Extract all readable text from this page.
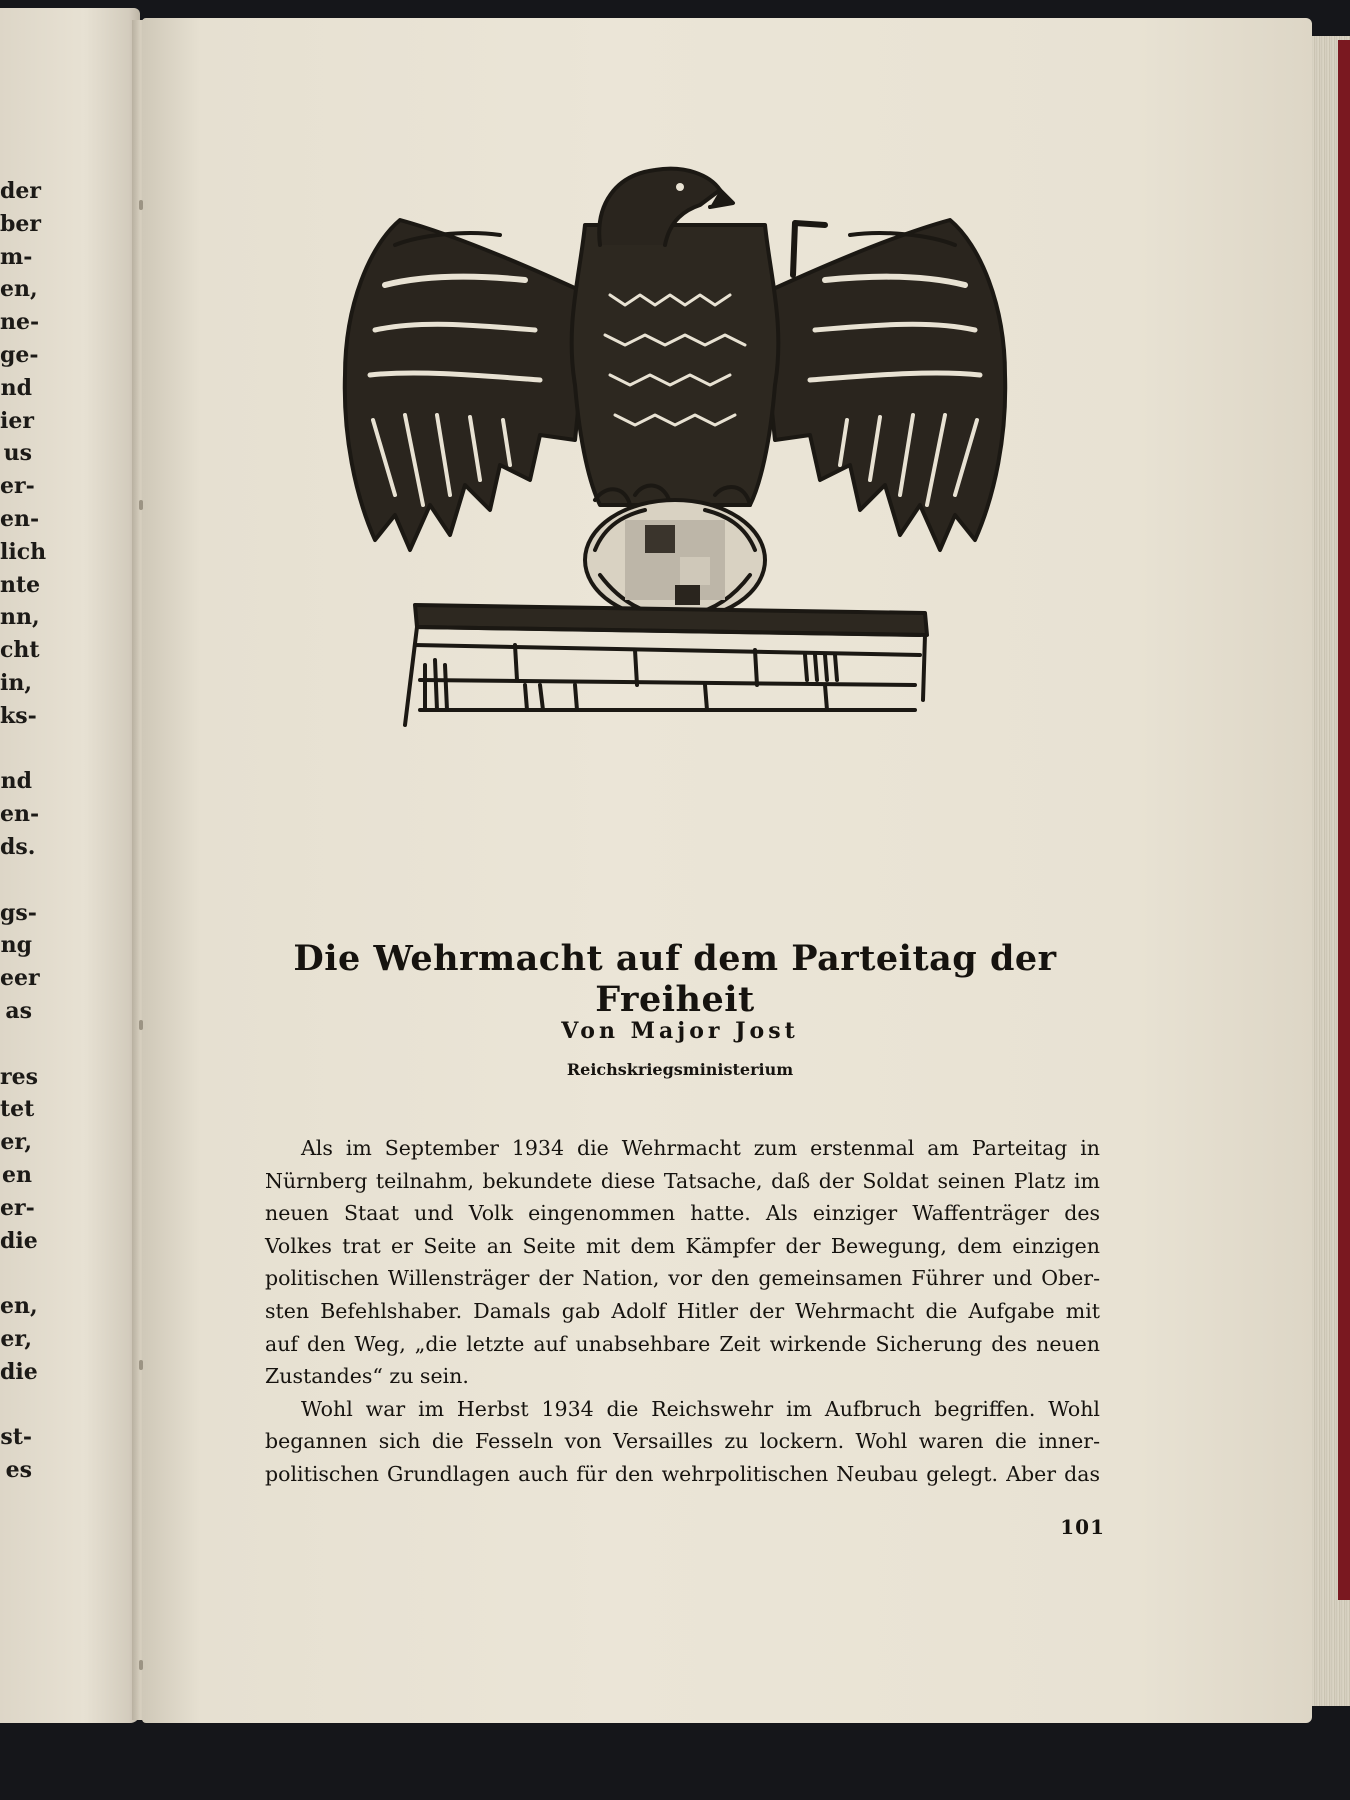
der
ber
m-
en,
ne-
ge-
nd
ier
us
er-
en-
lich
nte
nn,
cht
in,
ks-
nd
en-
ds.
gs-
ng
eer
as
res
tet
er,
en
er-
die
en,
er,
die
st-
es
Die Wehrmacht auf dem Parteitag der Freiheit
Von Major Jost
Reichskriegsministerium
Als im September 1934 die Wehrmacht zum erstenmal am Parteitag in
Nürnberg teilnahm, bekundete diese Tatsache, daß der Soldat seinen Platz im
neuen Staat und Volk eingenommen hatte. Als einziger Waffenträger des
Volkes trat er Seite an Seite mit dem Kämpfer der Bewegung, dem einzigen
politischen Willensträger der Nation, vor den gemeinsamen Führer und Ober-
sten Befehlshaber. Damals gab Adolf Hitler der Wehrmacht die Aufgabe mit
auf den Weg, „die letzte auf unabsehbare Zeit wirkende Sicherung des neuen
Zustandes“ zu sein.
Wohl war im Herbst 1934 die Reichswehr im Aufbruch begriffen. Wohl
begannen sich die Fesseln von Versailles zu lockern. Wohl waren die inner-
politischen Grundlagen auch für den wehrpolitischen Neubau gelegt. Aber das
101
